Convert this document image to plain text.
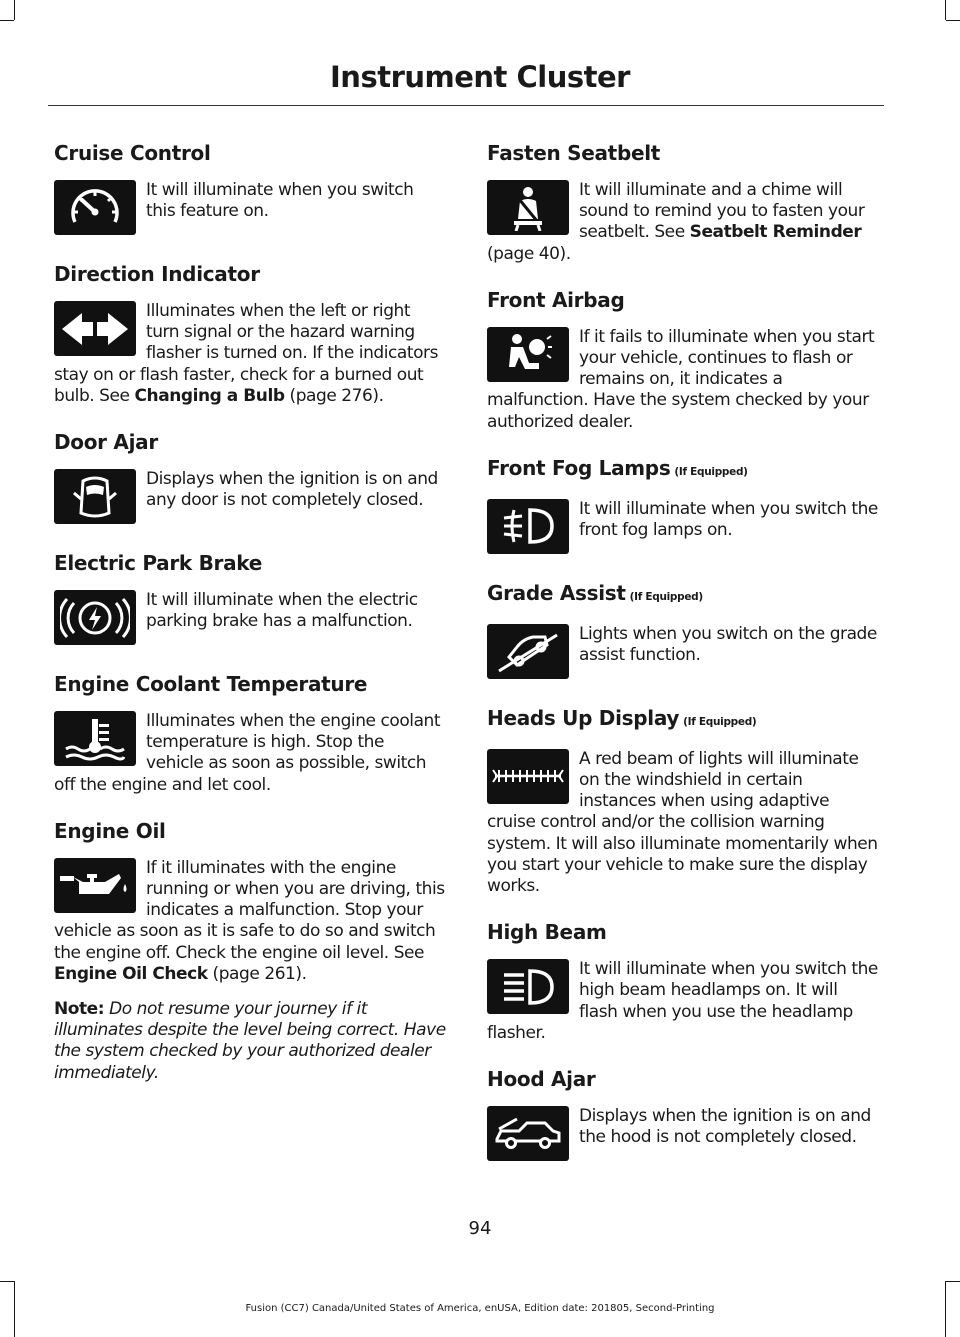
Instrument Cluster
Cruise Control

It will illuminate when you switch this feature on.

Direction Indicator

Illuminates when the left or right turn signal or the hazard warning flasher is turned on. If the indicators stay on or flash faster, check for a burned out bulb. See Changing a Bulb (page 276).

Door Ajar

Displays when the ignition is on and any door is not completely closed.

Electric Park Brake

It will illuminate when the electric parking brake has a malfunction.

Engine Coolant Temperature

Illuminates when the engine coolant temperature is high. Stop the vehicle as soon as possible, switch off the engine and let cool.

Engine Oil

If it illuminates with the engine running or when you are driving, this indicates a malfunction. Stop your vehicle as soon as it is safe to do so and switch the engine off. Check the engine oil level. See Engine Oil Check (page 261).

Note: Do not resume your journey if it illuminates despite the level being correct. Have the system checked by your authorized dealer immediately.

Fasten Seatbelt

It will illuminate and a chime will sound to remind you to fasten your seatbelt. See Seatbelt Reminder (page 40).

Front Airbag

If it fails to illuminate when you start your vehicle, continues to flash or remains on, it indicates a malfunction. Have the system checked by your authorized dealer.

Front Fog Lamps (If Equipped)

It will illuminate when you switch the front fog lamps on.

Grade Assist (If Equipped)

Lights when you switch on the grade assist function.

Heads Up Display (If Equipped)

A red beam of lights will illuminate on the windshield in certain instances when using adaptive cruise control and/or the collision warning system. It will also illuminate momentarily when you start your vehicle to make sure the display works.

High Beam

It will illuminate when you switch the high beam headlamps on. It will flash when you use the headlamp flasher.

Hood Ajar

Displays when the ignition is on and the hood is not completely closed.

94
Fusion (CC7) Canada/United States of America, enUSA, Edition date: 201805, Second-Printing
